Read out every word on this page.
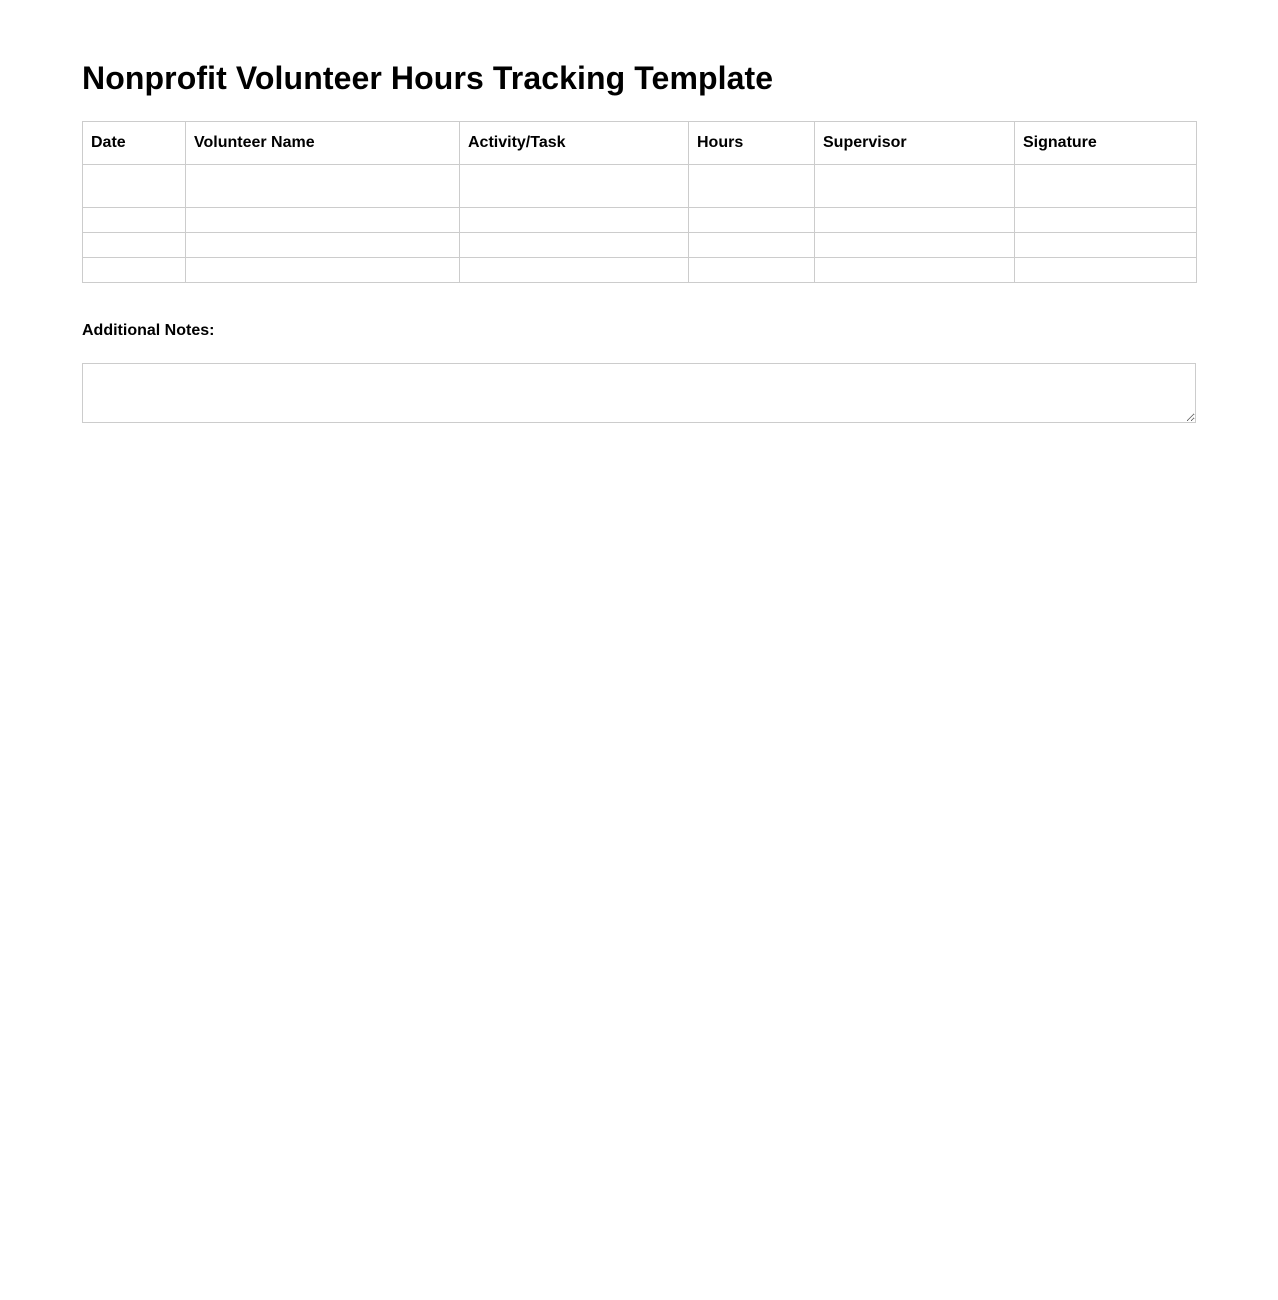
Nonprofit Volunteer Hours Tracking Template
Date	Volunteer Name	Activity/Task	Hours	Supervisor	Signature

Additional Notes:
